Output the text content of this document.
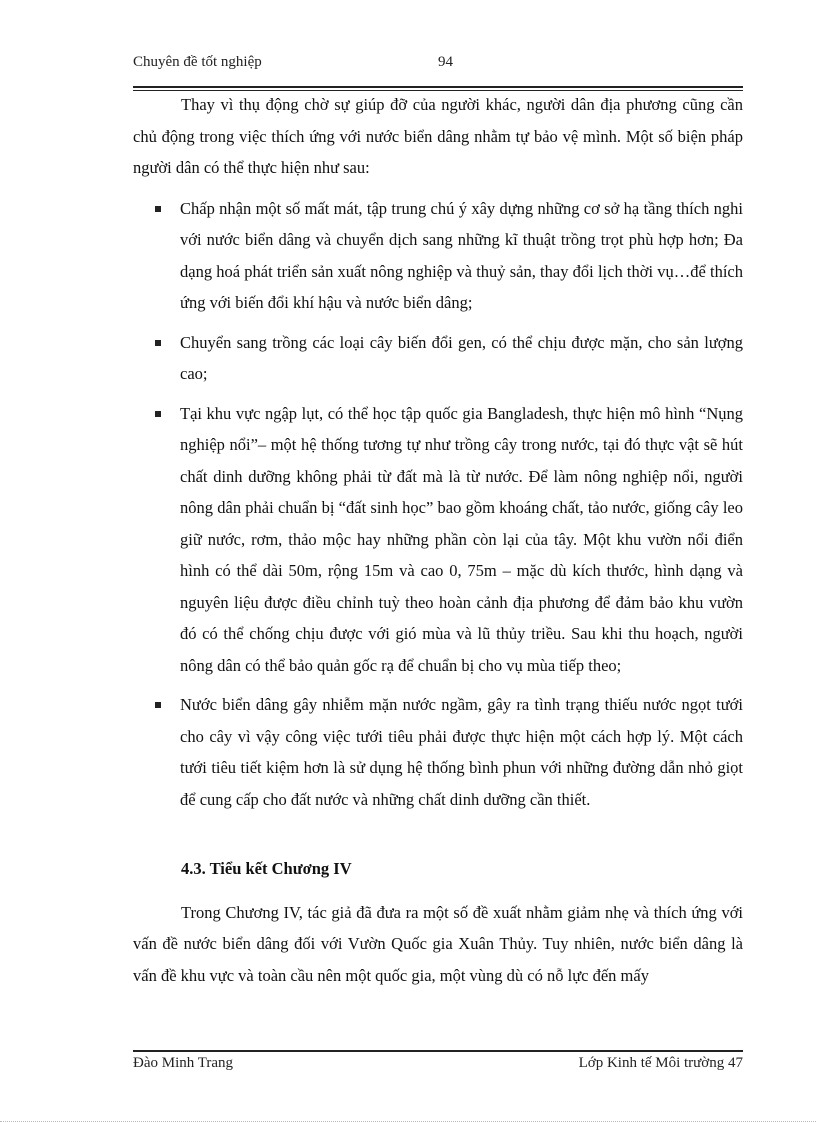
Chuyên đề tốt nghiệp	94

Thay vì thụ động chờ sự giúp đỡ của người khác, người dân địa phương cũng cần chủ động trong việc thích ứng với nước biển dâng nhằm tự bảo vệ mình. Một số biện pháp người dân có thể thực hiện như sau:

Chấp nhận một số mất mát, tập trung chú ý xây dựng những cơ sở hạ tầng thích nghi với nước biển dâng và chuyển dịch sang những kĩ thuật trồng trọt phù hợp hơn; Đa dạng hoá phát triển sản xuất nông nghiệp và thuỷ sản, thay đổi lịch thời vụ…để thích ứng với biến đổi khí hậu và nước biển dâng;
Chuyển sang trồng các loại cây biến đổi gen, có thể chịu được mặn, cho sản lượng cao;
Tại khu vực ngập lụt, có thể học tập quốc gia Bangladesh, thực hiện mô hình “Nụng nghiệp nổi”– một hệ thống tương tự như trồng cây trong nước, tại đó thực vật sẽ hút chất dinh dưỡng không phải từ đất mà là từ nước. Để làm nông nghiệp nổi, người nông dân phải chuẩn bị “đất sinh học” bao gồm khoáng chất, tảo nước, giống cây leo giữ nước, rơm, thảo mộc hay những phần còn lại của tây. Một khu vườn nổi điển hình có thể dài 50m, rộng 15m và cao 0, 75m – mặc dù kích thước, hình dạng và nguyên liệu được điều chỉnh tuỳ theo hoàn cảnh địa phương để đảm bảo khu vườn đó có thể chống chịu được với gió mùa và lũ thủy triều. Sau khi thu hoạch, người nông dân có thể bảo quản gốc rạ để chuẩn bị cho vụ mùa tiếp theo;
Nước biển dâng gây nhiễm mặn nước ngầm, gây ra tình trạng thiếu nước ngọt tưới cho cây vì vậy công việc tưới tiêu phải được thực hiện một cách hợp lý. Một cách tưới tiêu tiết kiệm hơn là sử dụng hệ thống bình phun với những đường dẫn nhỏ giọt để cung cấp cho đất nước và những chất dinh dưỡng cần thiết.
4.3. Tiểu kết Chương IV

Trong Chương IV, tác giả đã đưa ra một số đề xuất nhằm giảm nhẹ và thích ứng với vấn đề nước biển dâng đối với Vườn Quốc gia Xuân Thủy. Tuy nhiên, nước biển dâng là vấn đề khu vực và toàn cầu nên một quốc gia, một vùng dù có nỗ lực đến mấy

Đào Minh Trang	Lớp Kinh tế Môi trường 47
